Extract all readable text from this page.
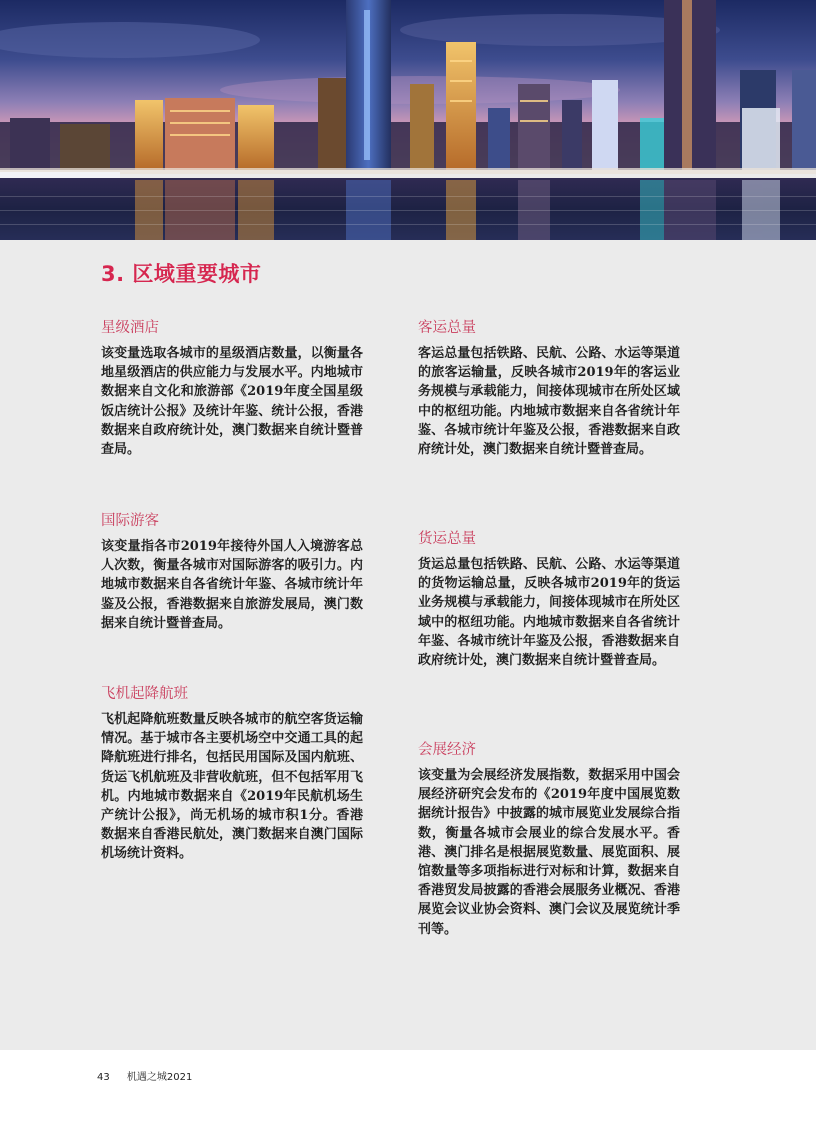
3. 区域重要城市
星级酒店

该变量选取各城市的星级酒店数量，以衡量各地星级酒店的供应能力与发展水平。内地城市数据来自文化和旅游部《2019年度全国星级饭店统计公报》及统计年鉴、统计公报，香港数据来自政府统计处，澳门数据来自统计暨普查局。

国际游客

该变量指各市2019年接待外国人入境游客总人次数，衡量各城市对国际游客的吸引力。内地城市数据来自各省统计年鉴、各城市统计年鉴及公报，香港数据来自旅游发展局，澳门数据来自统计暨普查局。

飞机起降航班

飞机起降航班数量反映各城市的航空客货运输情况。基于城市各主要机场空中交通工具的起降航班进行排名，包括民用国际及国内航班、货运飞机航班及非营收航班，但不包括军用飞机。内地城市数据来自《2019年民航机场生产统计公报》，尚无机场的城市积1分。香港数据来自香港民航处，澳门数据来自澳门国际机场统计资料。

客运总量

客运总量包括铁路、民航、公路、水运等渠道的旅客运输量，反映各城市2019年的客运业务规模与承载能力，间接体现城市在所处区域中的枢纽功能。内地城市数据来自各省统计年鉴、各城市统计年鉴及公报，香港数据来自政府统计处，澳门数据来自统计暨普查局。

货运总量

货运总量包括铁路、民航、公路、水运等渠道的货物运输总量，反映各城市2019年的货运业务规模与承载能力，间接体现城市在所处区域中的枢纽功能。内地城市数据来自各省统计年鉴、各城市统计年鉴及公报，香港数据来自政府统计处，澳门数据来自统计暨普查局。

会展经济

该变量为会展经济发展指数，数据采用中国会展经济研究会发布的《2019年度中国展览数据统计报告》中披露的城市展览业发展综合指数，衡量各城市会展业的综合发展水平。香港、澳门排名是根据展览数量、展览面积、展馆数量等多项指标进行对标和计算，数据来自香港贸发局披露的香港会展服务业概况、香港展览会议业协会资料、澳门会议及展览统计季刊等。

43 机遇之城2021
